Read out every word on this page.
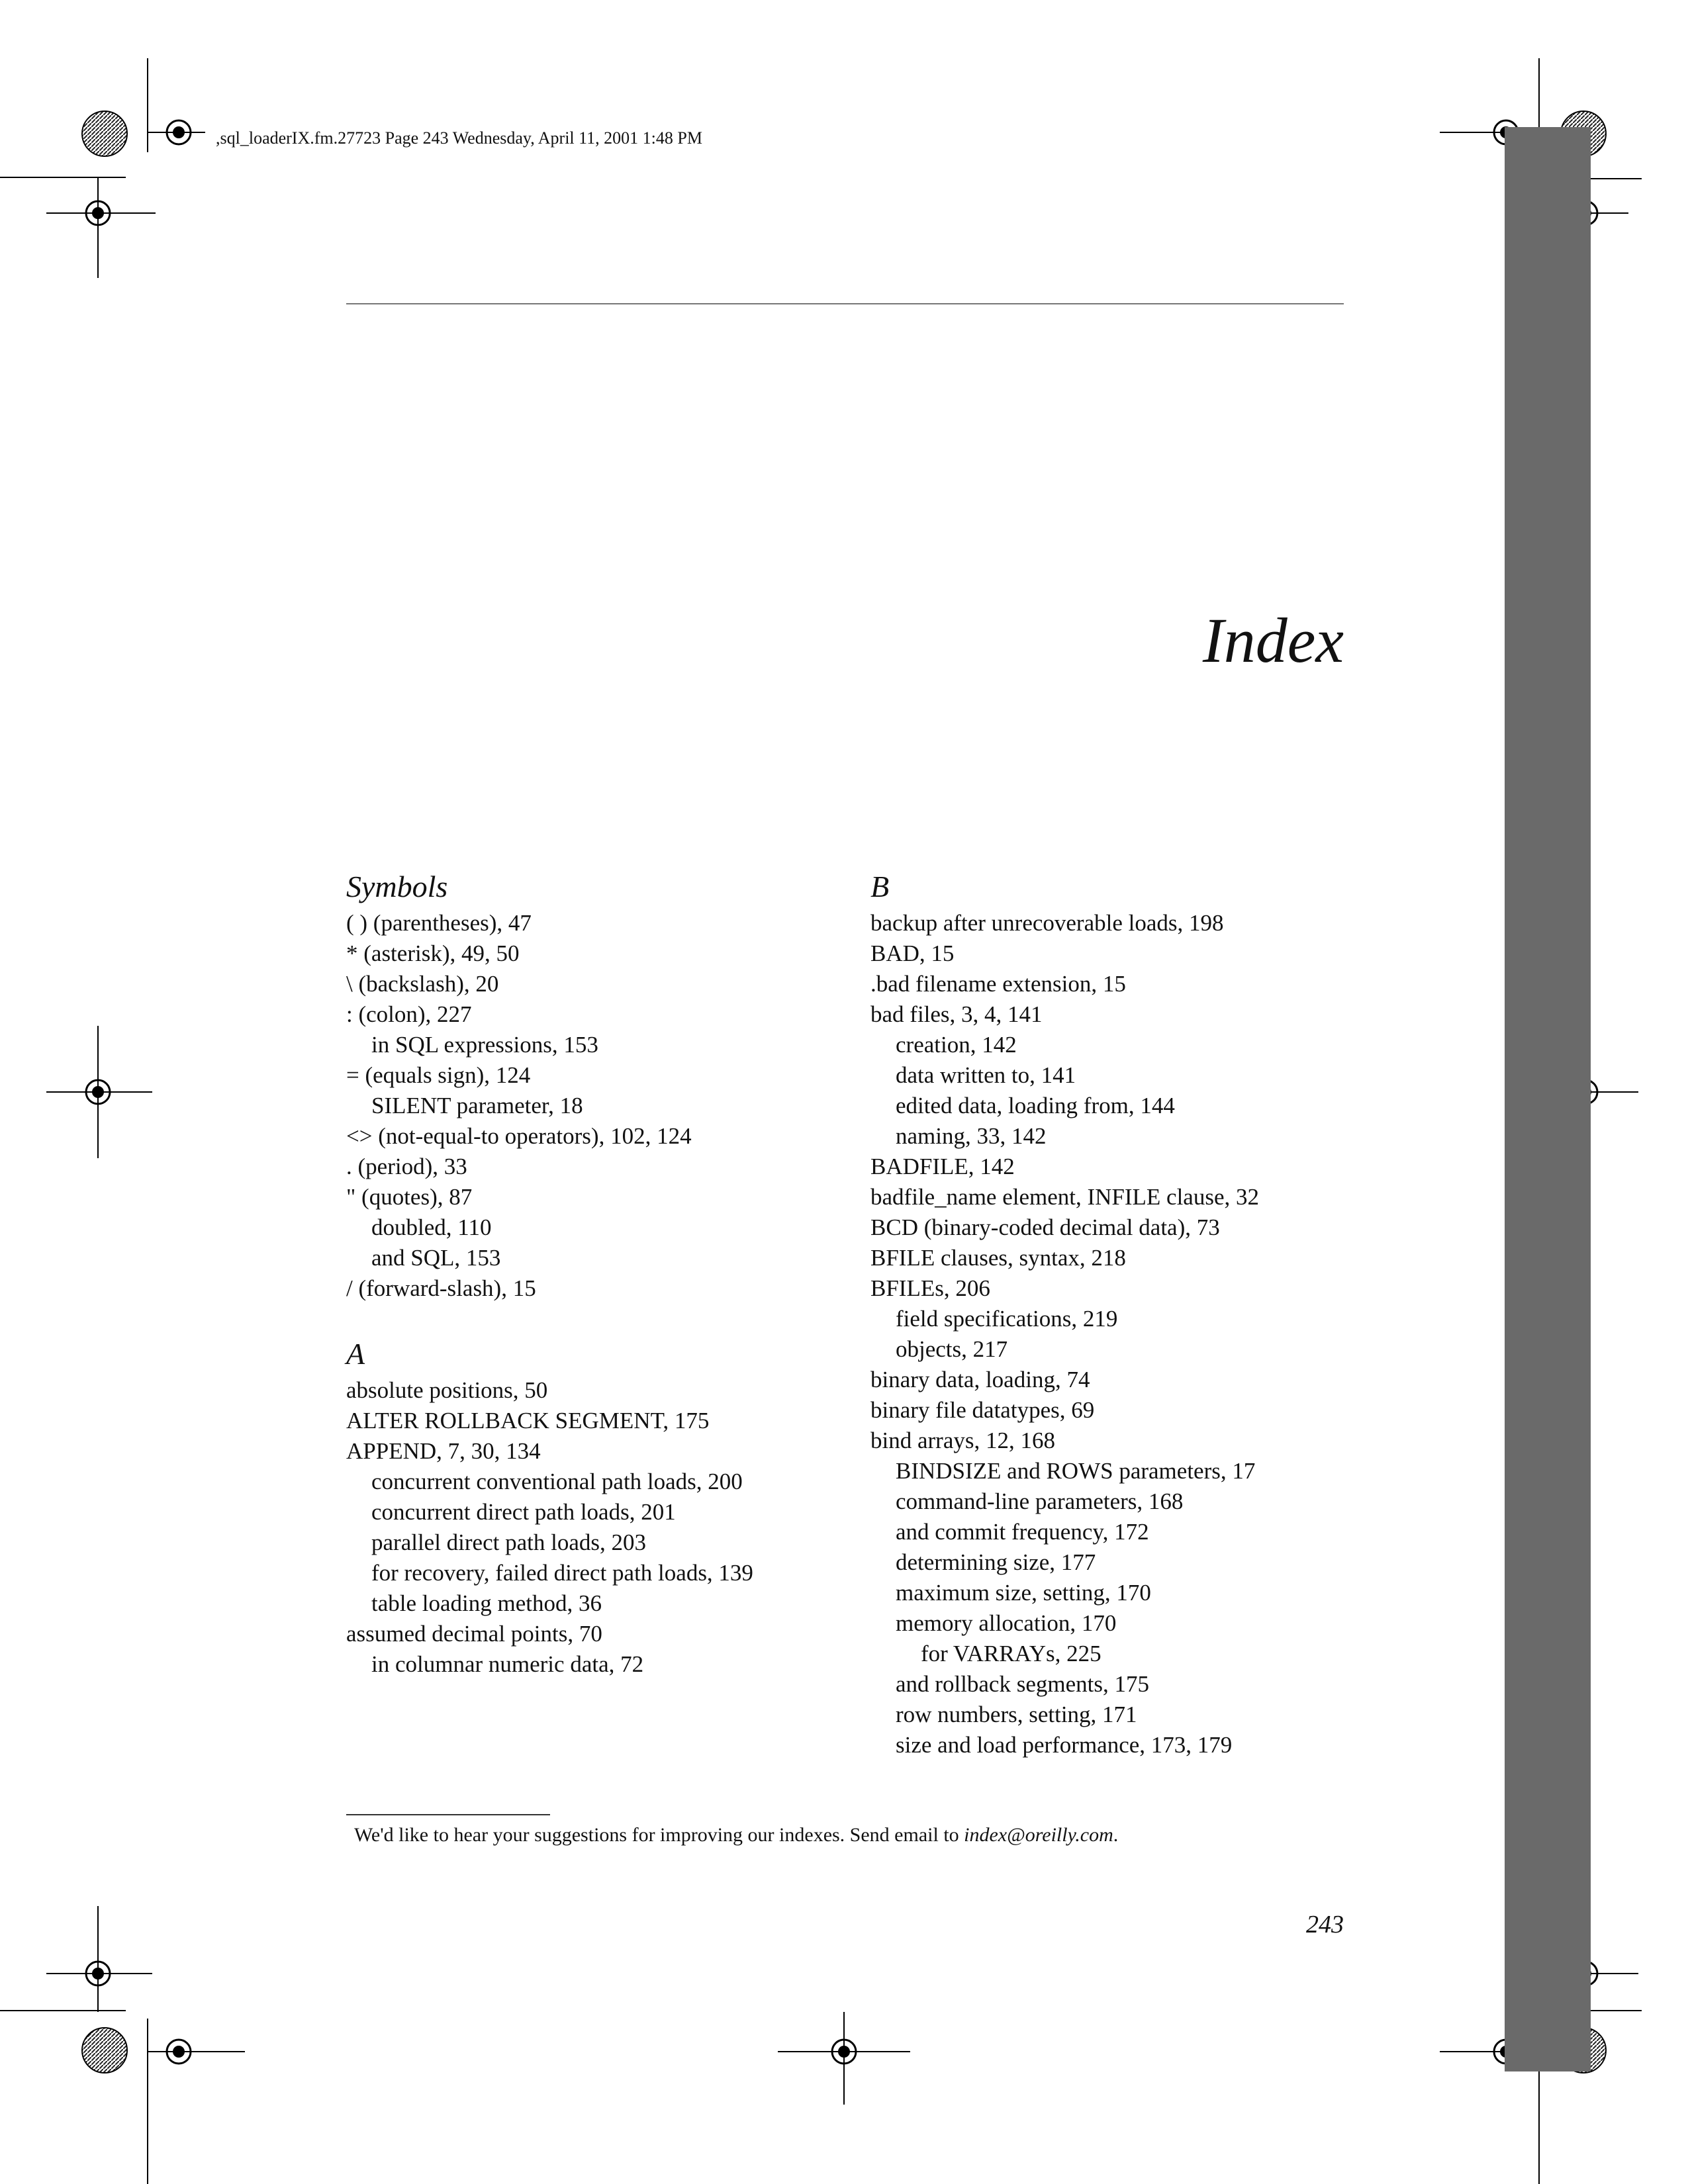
,sql_loaderIX.fm.27723 Page 243 Wednesday, April 11, 2001 1:48 PM
Index
Symbols
( ) (parentheses), 47
* (asterisk), 49, 50
\ (backslash), 20
: (colon), 227
in SQL expressions, 153
= (equals sign), 124
SILENT parameter, 18
<> (not-equal-to operators), 102, 124
. (period), 33
" (quotes), 87
doubled, 110
and SQL, 153
/ (forward-slash), 15
A
absolute positions, 50
ALTER ROLLBACK SEGMENT, 175
APPEND, 7, 30, 134
concurrent conventional path loads, 200
concurrent direct path loads, 201
parallel direct path loads, 203
for recovery, failed direct path loads, 139
table loading method, 36
assumed decimal points, 70
in columnar numeric data, 72
B
backup after unrecoverable loads, 198
BAD, 15
.bad filename extension, 15
bad files, 3, 4, 141
creation, 142
data written to, 141
edited data, loading from, 144
naming, 33, 142
BADFILE, 142
badfile_name element, INFILE clause, 32
BCD (binary-coded decimal data), 73
BFILE clauses, syntax, 218
BFILEs, 206
field specifications, 219
objects, 217
binary data, loading, 74
binary file datatypes, 69
bind arrays, 12, 168
BINDSIZE and ROWS parameters, 17
command-line parameters, 168
and commit frequency, 172
determining size, 177
maximum size, setting, 170
memory allocation, 170
for VARRAYs, 225
and rollback segments, 175
row numbers, setting, 171
size and load performance, 173, 179
We'd like to hear your suggestions for improving our indexes. Send email to index@oreilly.com.
243
